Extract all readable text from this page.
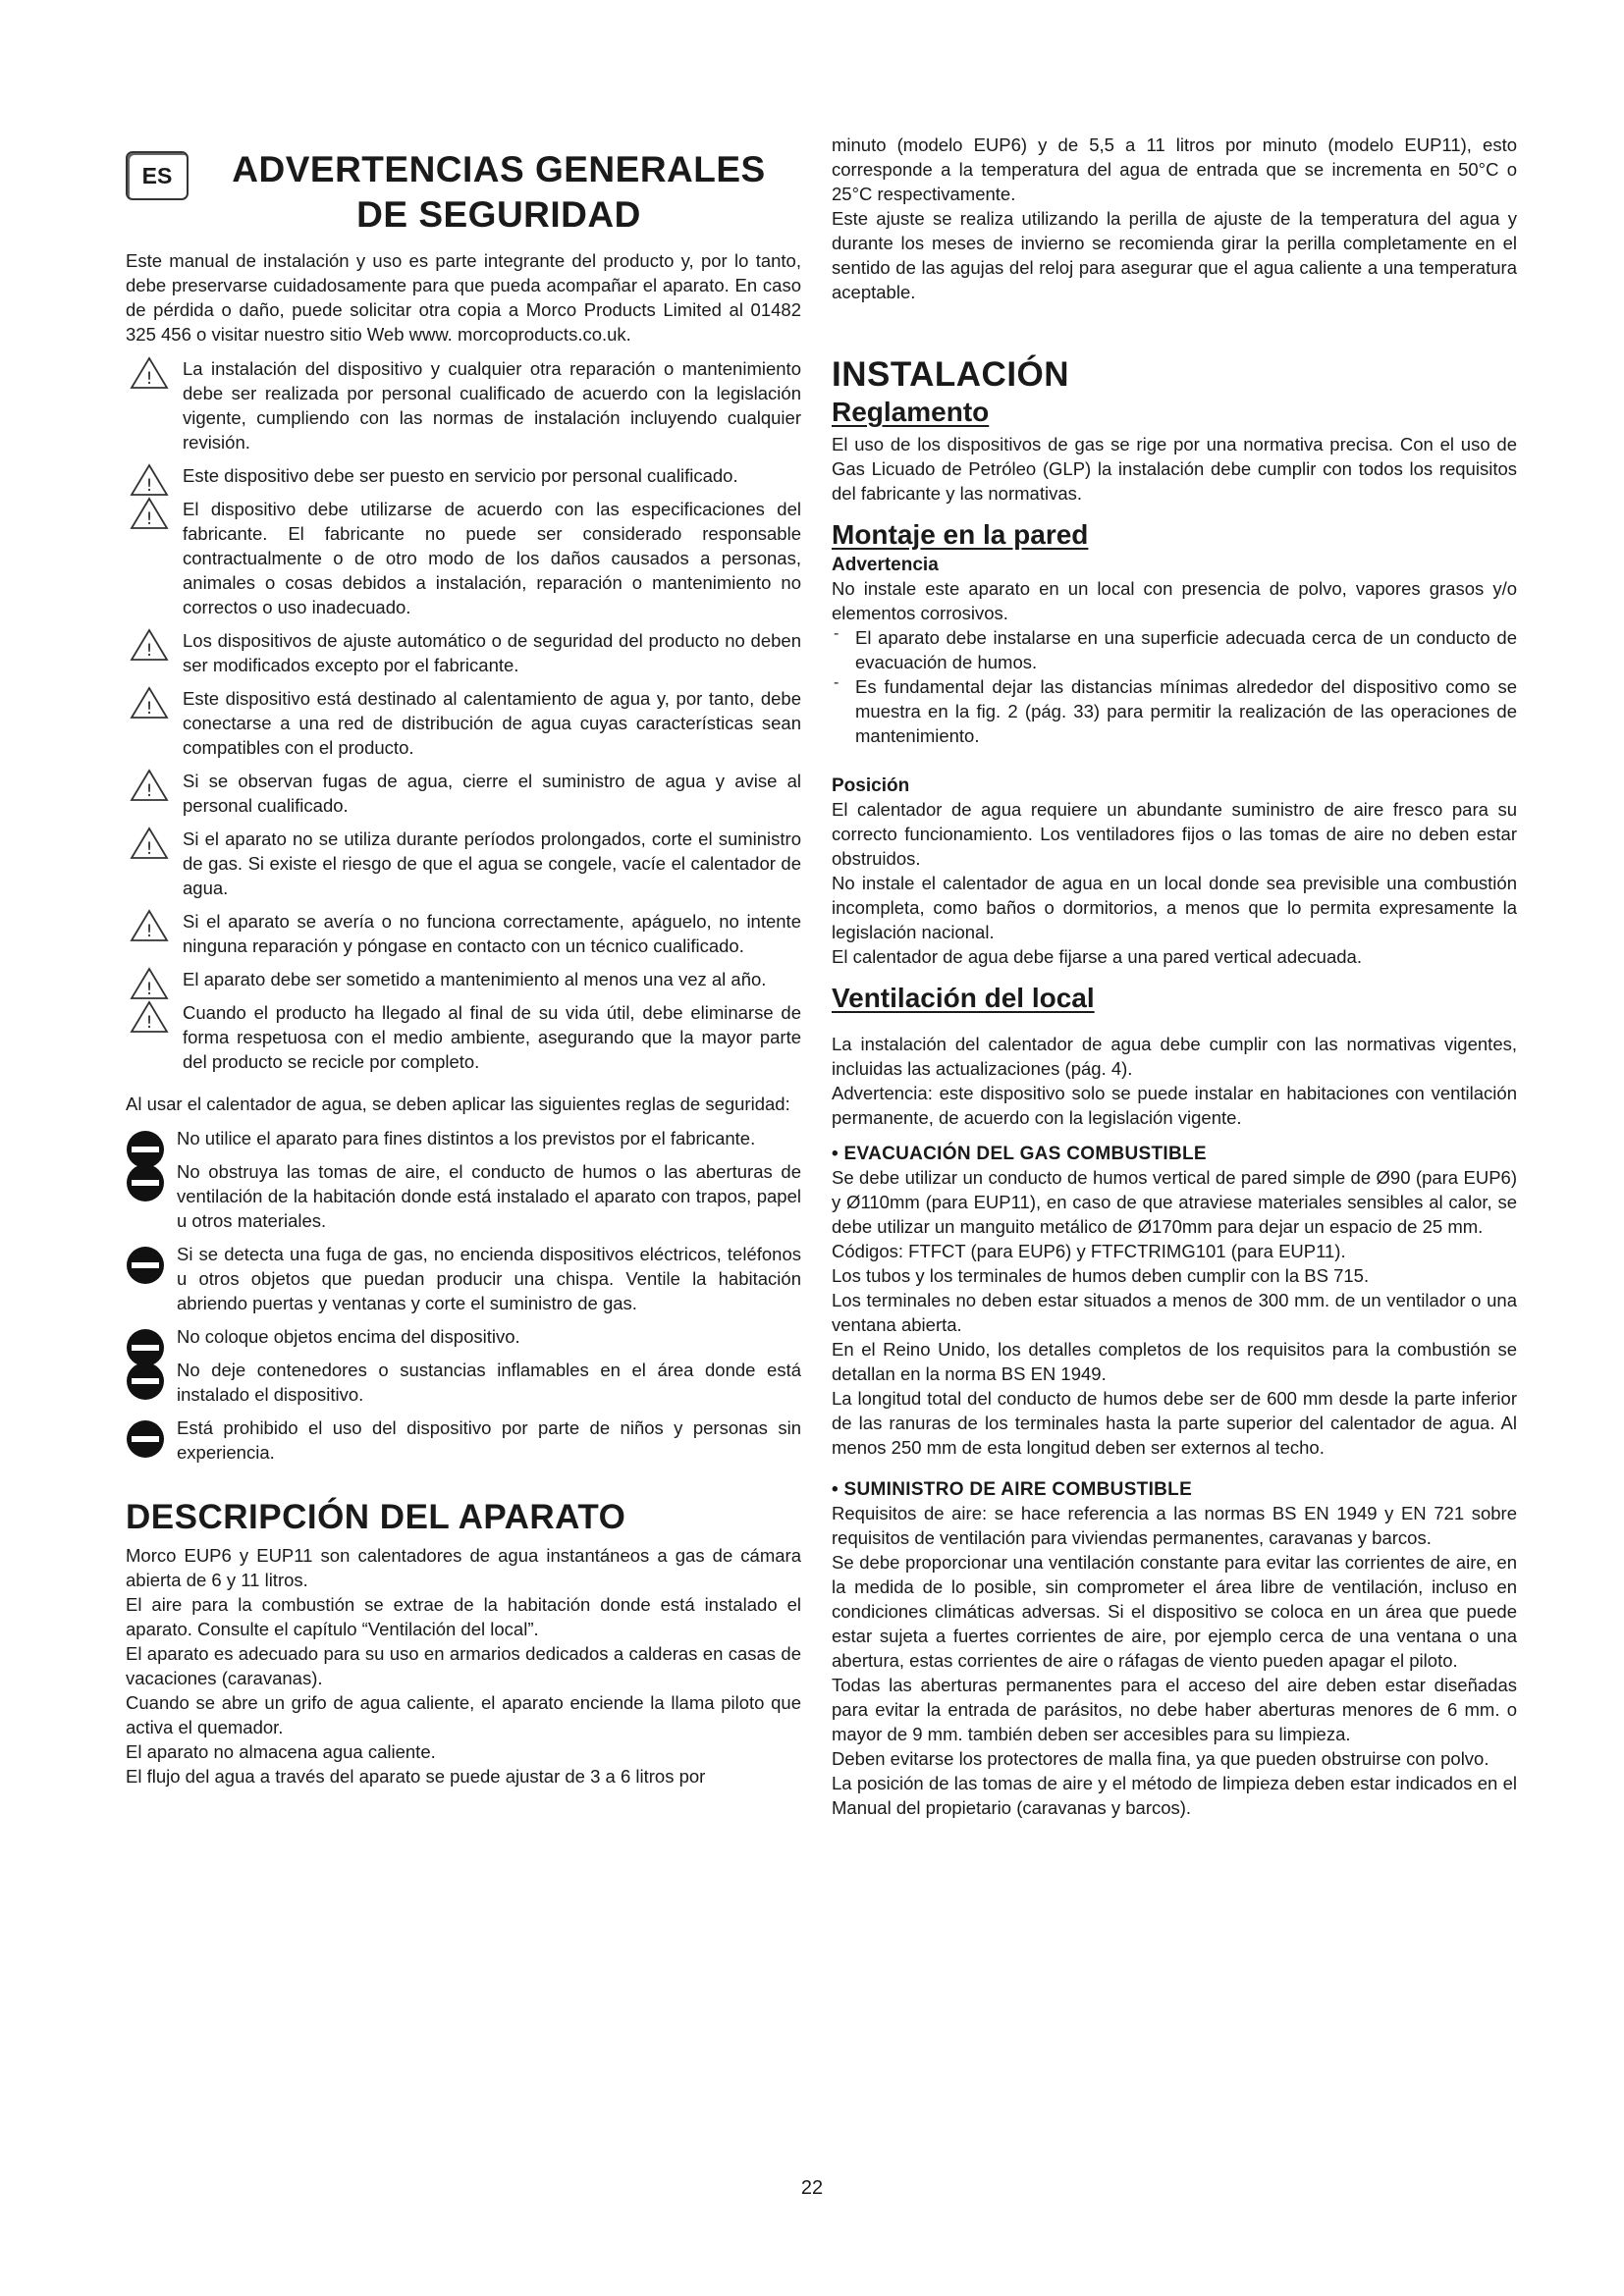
ES	ADVERTENCIAS GENERALES
DE SEGURIDAD

Este manual de instalación y uso es parte integrante del producto y, por lo tanto, debe preservarse cuidadosamente para que pueda acompañar el aparato. En caso de pérdida o daño, puede solicitar otra copia a Morco Products Limited al 01482 325 456 o visitar nuestro sitio Web www. morcoproducts.co.uk.

! La instalación del dispositivo y cualquier otra reparación o mantenimiento debe ser realizada por personal cualificado de acuerdo con la legislación vigente, cumpliendo con las normas de instalación incluyendo cualquier revisión.

! Este dispositivo debe ser puesto en servicio por personal cualificado.

! El dispositivo debe utilizarse de acuerdo con las especificaciones del fabricante. El fabricante no puede ser considerado responsable contractualmente o de otro modo de los daños causados a personas, animales o cosas debidos a instalación, reparación o mantenimiento no correctos o uso inadecuado.

! Los dispositivos de ajuste automático o de seguridad del producto no deben ser modificados excepto por el fabricante.

! Este dispositivo está destinado al calentamiento de agua y, por tanto, debe conectarse a una red de distribución de agua cuyas características sean compatibles con el producto.

! Si se observan fugas de agua, cierre el suministro de agua y avise al personal cualificado.

! Si el aparato no se utiliza durante períodos prolongados, corte el suministro de gas. Si existe el riesgo de que el agua se congele, vacíe el calentador de agua.

! Si el aparato se avería o no funciona correctamente, apáguelo, no intente ninguna reparación y póngase en contacto con un técnico cualificado.

! El aparato debe ser sometido a mantenimiento al menos una vez al año.

! Cuando el producto ha llegado al final de su vida útil, debe eliminarse de forma respetuosa con el medio ambiente, asegurando que la mayor parte del producto se recicle por completo.

Al usar el calentador de agua, se deben aplicar las siguientes reglas de seguridad:

No utilice el aparato para fines distintos a los previstos por el fabricante.

No obstruya las tomas de aire, el conducto de humos o las aberturas de ventilación de la habitación donde está instalado el aparato con trapos, papel u otros materiales.

Si se detecta una fuga de gas, no encienda dispositivos eléctricos, teléfonos u otros objetos que puedan producir una chispa. Ventile la habitación abriendo puertas y ventanas y corte el suministro de gas.

No coloque objetos encima del dispositivo.

No deje contenedores o sustancias inflamables en el área donde está instalado el dispositivo.

Está prohibido el uso del dispositivo por parte de niños y personas sin experiencia.

DESCRIPCIÓN DEL APARATO

Morco EUP6 y EUP11 son calentadores de agua instantáneos a gas de cámara abierta de 6 y 11 litros.

El aire para la combustión se extrae de la habitación donde está instalado el aparato. Consulte el capítulo “Ventilación del local”.

El aparato es adecuado para su uso en armarios dedicados a calderas en casas de vacaciones (caravanas).

Cuando se abre un grifo de agua caliente, el aparato enciende la llama piloto que activa el quemador.

El aparato no almacena agua caliente.

El flujo del agua a través del aparato se puede ajustar de 3 a 6 litros por

minuto (modelo EUP6) y de 5,5 a 11 litros por minuto (modelo EUP11), esto corresponde a la temperatura del agua de entrada que se incrementa en 50°C o 25°C respectivamente.

Este ajuste se realiza utilizando la perilla de ajuste de la temperatura del agua y durante los meses de invierno se recomienda girar la perilla completamente en el sentido de las agujas del reloj para asegurar que el agua caliente a una temperatura aceptable.

INSTALACIÓN
Reglamento

El uso de los dispositivos de gas se rige por una normativa precisa. Con el uso de Gas Licuado de Petróleo (GLP) la instalación debe cumplir con todos los requisitos del fabricante y las normativas.

Montaje en la pared
Advertencia

No instale este aparato en un local con presencia de polvo, vapores grasos y/o elementos corrosivos.

- El aparato debe instalarse en una superficie adecuada cerca de un conducto de evacuación de humos.

- Es fundamental dejar las distancias mínimas alrededor del dispositivo como se muestra en la fig. 2 (pág. 33) para permitir la realización de las operaciones de mantenimiento.

Posición

El calentador de agua requiere un abundante suministro de aire fresco para su correcto funcionamiento. Los ventiladores fijos o las tomas de aire no deben estar obstruidos.

No instale el calentador de agua en un local donde sea previsible una combustión incompleta, como baños o dormitorios, a menos que lo permita expresamente la legislación nacional.

El calentador de agua debe fijarse a una pared vertical adecuada.

Ventilación del local

La instalación del calentador de agua debe cumplir con las normativas vigentes, incluidas las actualizaciones (pág. 4).

Advertencia: este dispositivo solo se puede instalar en habitaciones con ventilación permanente, de acuerdo con la legislación vigente.

• EVACUACIÓN DEL GAS COMBUSTIBLE

Se debe utilizar un conducto de humos vertical de pared simple de Ø90 (para EUP6) y Ø110mm (para EUP11), en caso de que atraviese materiales sensibles al calor, se debe utilizar un manguito metálico de Ø170mm para dejar un espacio de 25 mm.

Códigos: FTFCT (para EUP6) y FTFCTRIMG101 (para EUP11).

Los tubos y los terminales de humos deben cumplir con la BS 715.

Los terminales no deben estar situados a menos de 300 mm. de un ventilador o una ventana abierta.

En el Reino Unido, los detalles completos de los requisitos para la combustión se detallan en la norma BS EN 1949.

La longitud total del conducto de humos debe ser de 600 mm desde la parte inferior de las ranuras de los terminales hasta la parte superior del calentador de agua. Al menos 250 mm de esta longitud deben ser externos al techo.

• SUMINISTRO DE AIRE COMBUSTIBLE

Requisitos de aire: se hace referencia a las normas BS EN 1949 y EN 721 sobre requisitos de ventilación para viviendas permanentes, caravanas y barcos.

Se debe proporcionar una ventilación constante para evitar las corrientes de aire, en la medida de lo posible, sin comprometer el área libre de ventilación, incluso en condiciones climáticas adversas. Si el dispositivo se coloca en un área que puede estar sujeta a fuertes corrientes de aire, por ejemplo cerca de una ventana o una abertura, estas corrientes de aire o ráfagas de viento pueden apagar el piloto.

Todas las aberturas permanentes para el acceso del aire deben estar diseñadas para evitar la entrada de parásitos, no debe haber aberturas menores de 6 mm. o mayor de 9 mm. también deben ser accesibles para su limpieza.

Deben evitarse los protectores de malla fina, ya que pueden obstruirse con polvo.

La posición de las tomas de aire y el método de limpieza deben estar indicados en el Manual del propietario (caravanas y barcos).

22
